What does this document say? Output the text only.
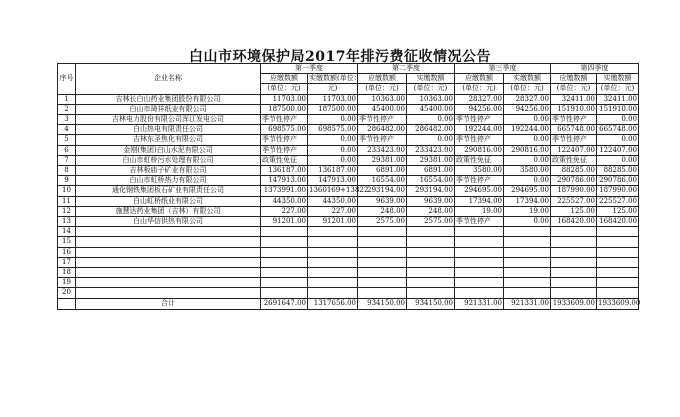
白山市环境保护局2017年排污费征收情况公告
序号	企业名称	第一季度		第二季度		第三季度		第四季度	
		应缴数额	实缴数额(单位：	应缴数额	实缴数额	应缴数额	实缴数额	应缴数额	实缴数额
		(单位：元)	元)	(单位：元)	(单位：元)	(单位：元)	(单位：元)	(单位：元)	(单位：元)
1	吉林长白山药业集团股份有限公司	11703.00	11703.00	10363.00	10363.00	28327.00	28327.00	32411.00	32411.00
2	白山市琦祥纸业有限公司	187500.00	187500.00	45400.00	45400.00	94256.00	94256.00	151910.00	151910.00
3	吉林电力股份有限公司浑江发电公司	季节性停产	0.00	季节性停产	0.00	季节性停产	0.00	季节性停产	0.00
4	白山热电有限责任公司	698575.00	698575.00	286482.00	286482.00	192244.00	192244.00	665748.00	665748.00
5	吉林东圣焦化有限公司	季节性停产	0.00	季节性停产	0.00	季节性停产	0.00	季节性停产	0.00
6	金刚(集团)白山水泥有限公司	季节性停产	0.00	233423.00	233423.00	290816.00	290816.00	122407.00	122407.00
7	白山市虹桥污水处理有限公司	政策性免征	0.00	29381.00	29381.00	政策性免征	0.00	政策性免征	0.00
8	吉林板庙子矿业有限公司	136187.00	136187.00	6891.00	6891.00	3580.00	3580.00	88285.00	88285.00
9	白山市虹桥热力有限公司	147913.00	147913.00	16554.00	16554.00	季节性停产	0.00	290786.00	290786.00
10	通化钢铁集团板石矿业有限责任公司	1373991.00	1360169+13822	293194.00	293194.00	294695.00	294695.00	187990.00	187990.00
11	白山虹桥纸业有限公司	44350.00	44350.00	9639.00	9639.00	17394.00	17394.00	225527.00	225527.00
12	施慧达药业集团（吉林）有限公司	227.00	227.00	248.00	248.00	19.00	19.00	125.00	125.00
13	白山华信供热有限公司	91201.00	91201.00	2575.00	2575.00	季节性停产	0.00	168420.00	168420.00
14									
15									
16									
17									
18									
19									
20									
	合计	2691647.00	1317656.00	934150.00	934150.00	921331.00	921331.00	1933609.00	1933609.00
